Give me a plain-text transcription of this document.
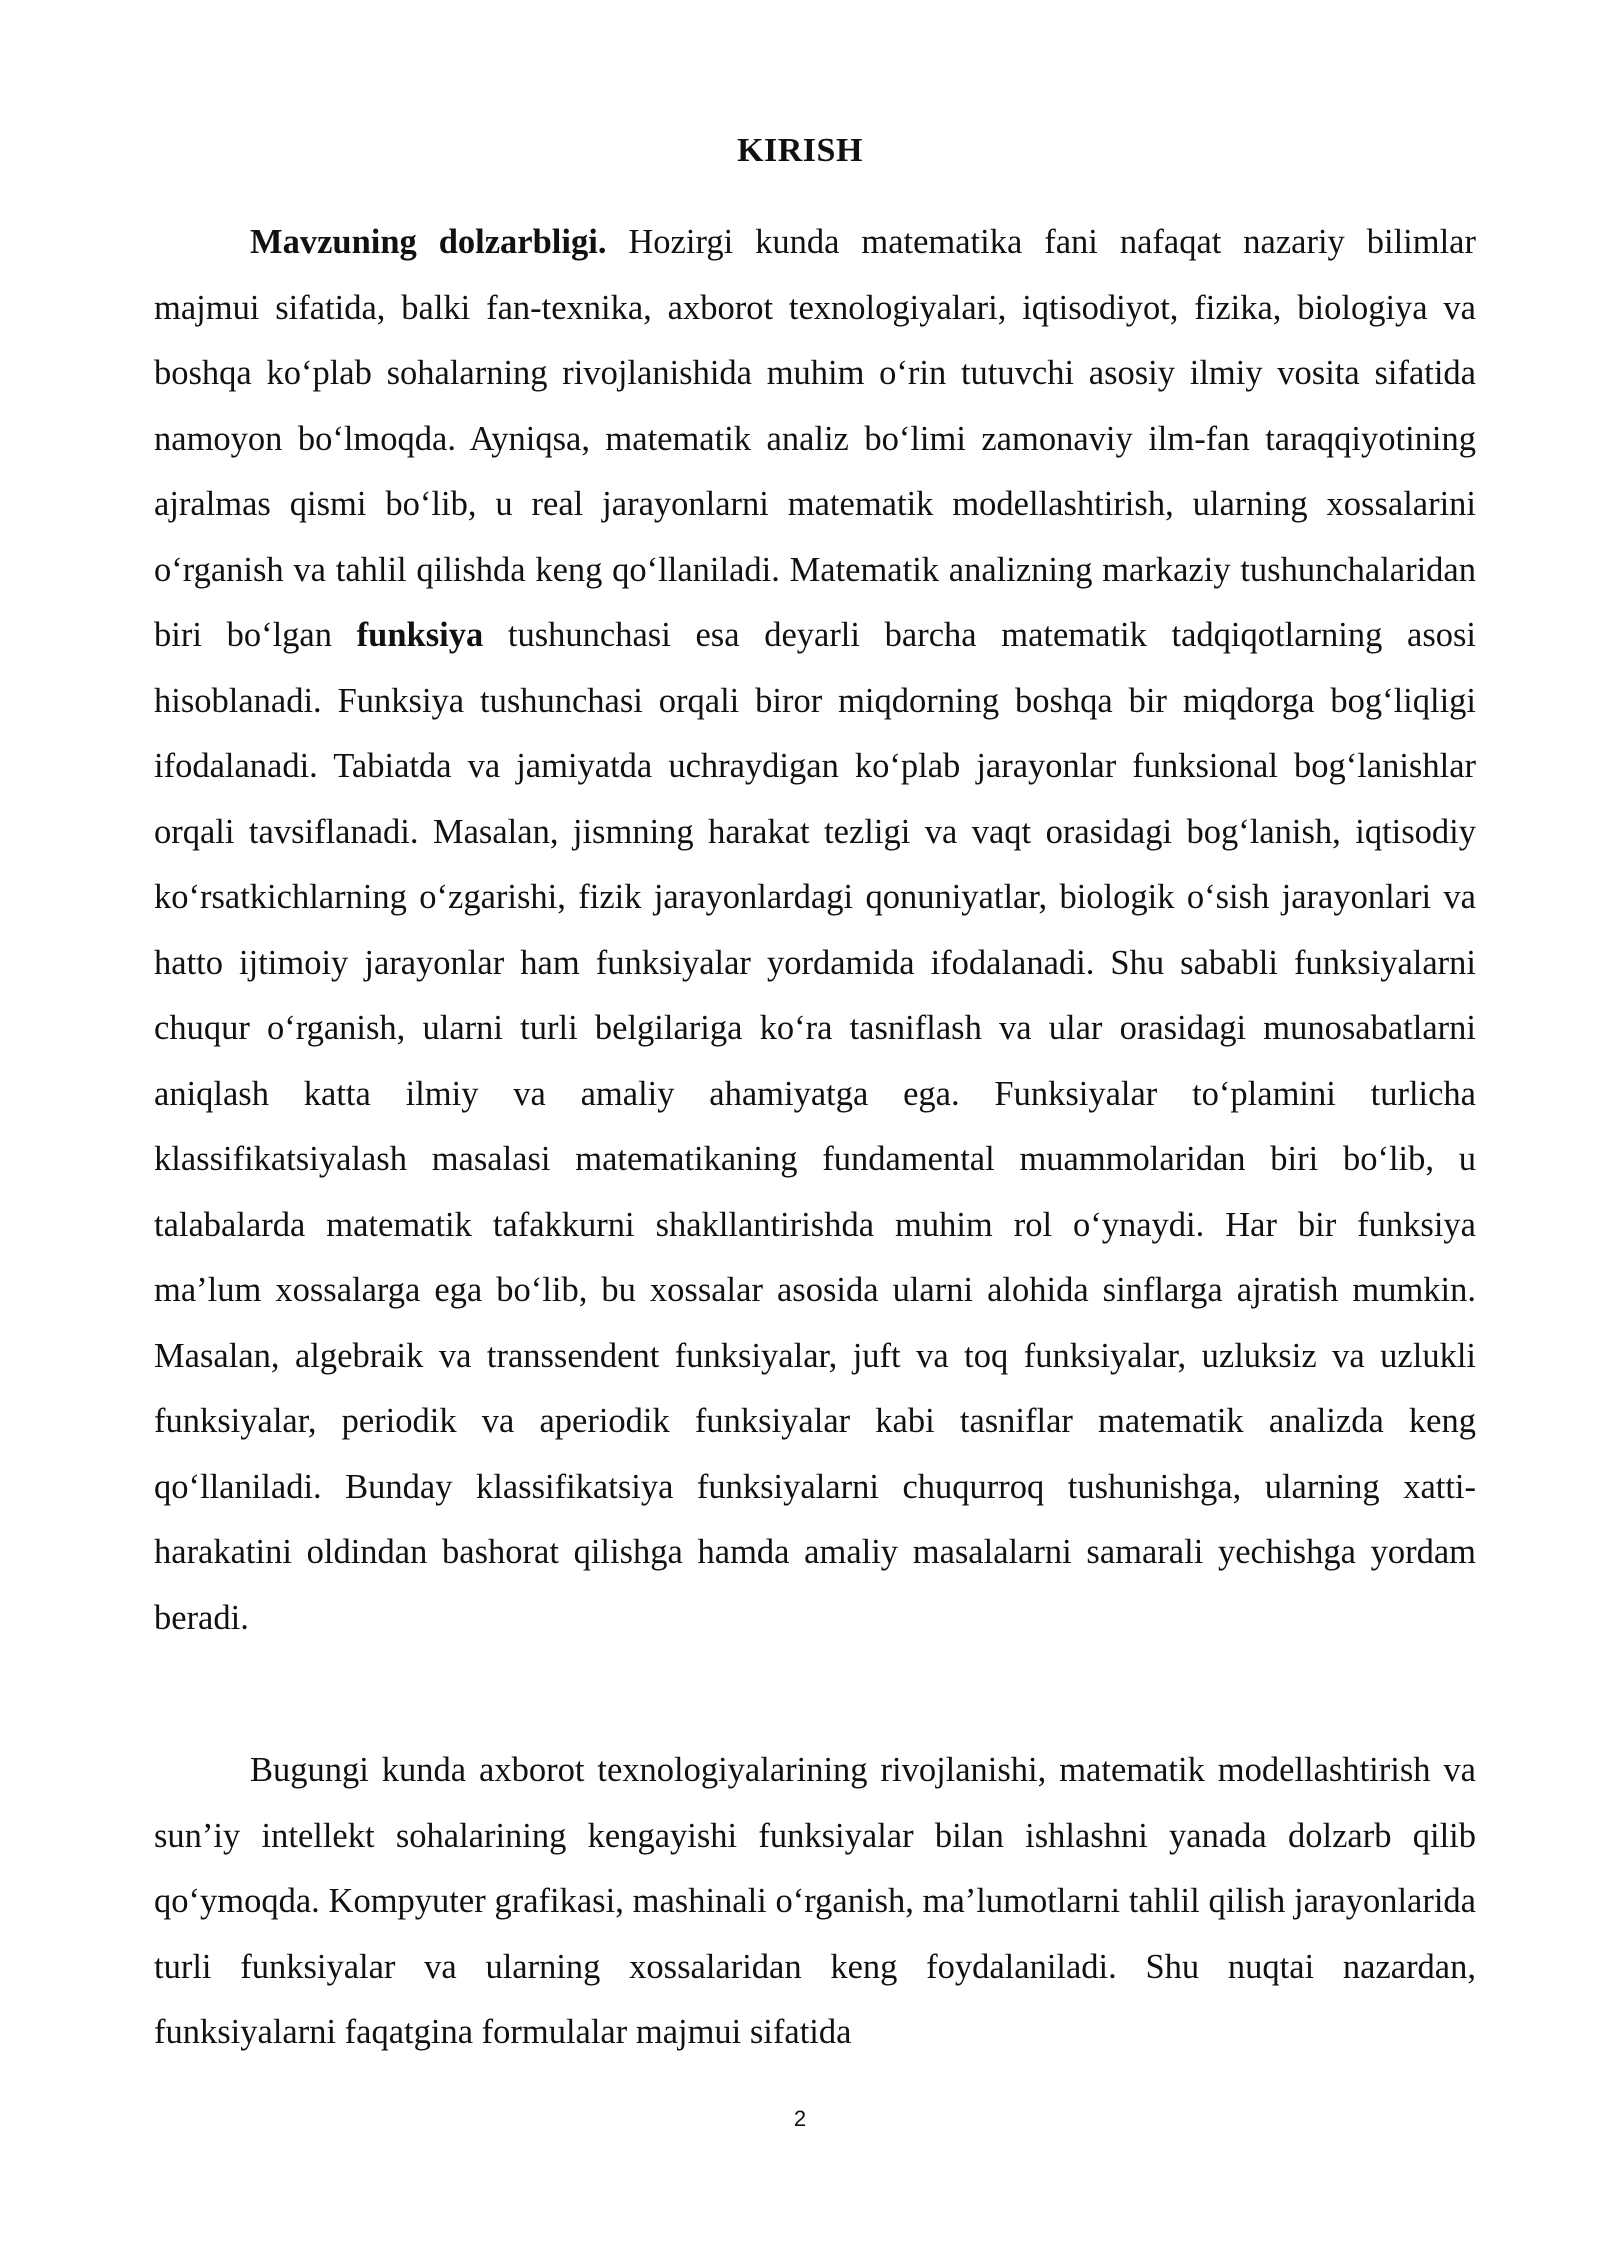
KIRISH

Mavzuning dolzarbligi. Hozirgi kunda matematika fani nafaqat nazariy bilimlar majmui sifatida, balki fan-texnika, axborot texnologiyalari, iqtisodiyot, fizika, biologiya va boshqa ko‘plab sohalarning rivojlanishida muhim o‘rin tutuvchi asosiy ilmiy vosita sifatida namoyon bo‘lmoqda. Ayniqsa, matematik analiz bo‘limi zamonaviy ilm-fan taraqqiyotining ajralmas qismi bo‘lib, u real jarayonlarni matematik modellashtirish, ularning xossalarini o‘rganish va tahlil qilishda keng qo‘llaniladi. Matematik analizning markaziy tushunchalaridan biri bo‘lgan funksiya tushunchasi esa deyarli barcha matematik tadqiqotlarning asosi hisoblanadi. Funksiya tushunchasi orqali biror miqdorning boshqa bir miqdorga bog‘liqligi ifodalanadi. Tabiatda va jamiyatda uchraydigan ko‘plab jarayonlar funksional bog‘lanishlar orqali tavsiflanadi. Masalan, jismning harakat tezligi va vaqt orasidagi bog‘lanish, iqtisodiy ko‘rsatkichlarning o‘zgarishi, fizik jarayonlardagi qonuniyatlar, biologik o‘sish jarayonlari va hatto ijtimoiy jarayonlar ham funksiyalar yordamida ifodalanadi. Shu sababli funksiyalarni chuqur o‘rganish, ularni turli belgilariga ko‘ra tasniflash va ular orasidagi munosabatlarni aniqlash katta ilmiy va amaliy ahamiyatga ega. Funksiyalar to‘plamini turlicha klassifikatsiyalash masalasi matematikaning fundamental muammolaridan biri bo‘lib, u talabalarda matematik tafakkurni shakllantirishda muhim rol o‘ynaydi. Har bir funksiya ma’lum xossalarga ega bo‘lib, bu xossalar asosida ularni alohida sinflarga ajratish mumkin. Masalan, algebraik va transsendent funksiyalar, juft va toq funksiyalar, uzluksiz va uzlukli funksiyalar, periodik va aperiodik funksiyalar kabi tasniflar matematik analizda keng qo‘llaniladi. Bunday klassifikatsiya funksiyalarni chuqurroq tushunishga, ularning xatti-harakatini oldindan bashorat qilishga hamda amaliy masalalarni samarali yechishga yordam beradi.

Bugungi kunda axborot texnologiyalarining rivojlanishi, matematik modellashtirish va sun’iy intellekt sohalarining kengayishi funksiyalar bilan ishlashni yanada dolzarb qilib qo‘ymoqda. Kompyuter grafikasi, mashinali o‘rganish, ma’lumotlarni tahlil qilish jarayonlarida turli funksiyalar va ularning xossalaridan keng foydalaniladi. Shu nuqtai nazardan, funksiyalarni faqatgina formulalar majmui sifatida

2
